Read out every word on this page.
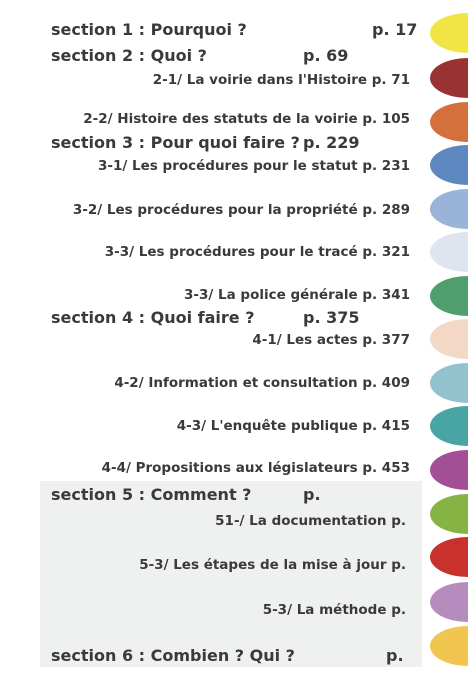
section 1 : Pourquoi ?	p. 17
section 2 : Quoi ?	p. 69
2-1/ La voirie dans l'Histoire p. 71
2-2/ Histoire des statuts de la voirie p. 105
section 3 : Pour quoi faire ? p. 229
3-1/ Les procédures pour le statut p. 231
3-2/ Les procédures pour la propriété p. 289
3-3/ Les procédures pour le tracé p. 321
3-3/ La police générale p. 341
section 4 : Quoi faire ?	p. 375
4-1/ Les actes p. 377
4-2/ Information et consultation p. 409
4-3/ L'enquête publique p. 415
4-4/ Propositions aux législateurs p. 453
section 5 : Comment ?	p.
51-/ La documentation p.
5-3/ Les étapes de la mise à jour p.
5-3/ La méthode p.
section 6 : Combien ? Qui ?	p.
